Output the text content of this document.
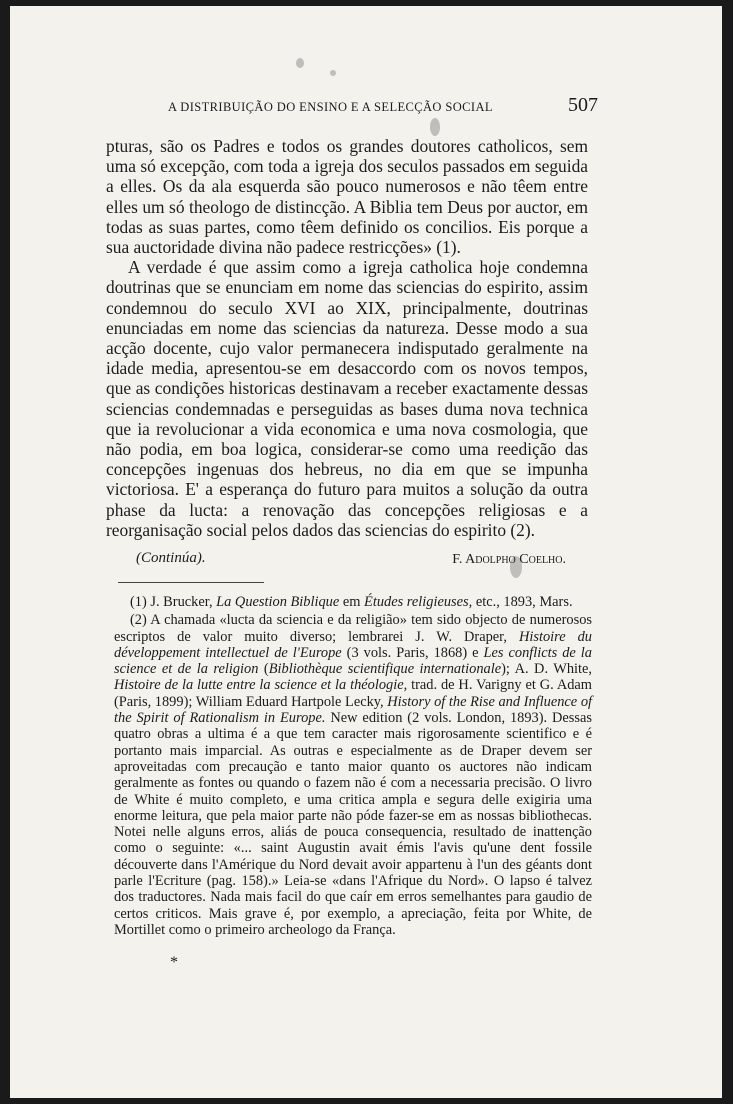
A DISTRIBUIÇÃO DO ENSINO E A SELECÇÃO SOCIAL	507

pturas, são os Padres e todos os grandes doutores catholicos, sem uma só excepção, com toda a igreja dos seculos passados em seguida a elles. Os da ala esquerda são pouco numerosos e não têem entre elles um só theologo de distincção. A Biblia tem Deus por auctor, em todas as suas partes, como têem definido os concilios. Eis porque a sua auctoridade divina não padece restricções» (1).

A verdade é que assim como a igreja catholica hoje condemna doutrinas que se enunciam em nome das sciencias do espirito, assim condemnou do seculo XVI ao XIX, principalmente, doutrinas enunciadas em nome das sciencias da natureza. Desse modo a sua acção docente, cujo valor permanecera indisputado geralmente na idade media, apresentou-se em desaccordo com os novos tempos, que as condições historicas destinavam a receber exactamente dessas sciencias condemnadas e perseguidas as bases duma nova technica que ia revolucionar a vida economica e uma nova cosmologia, que não podia, em boa logica, considerar-se como uma reedição das concepções ingenuas dos hebreus, no dia em que se impunha victoriosa. E' a esperança do futuro para muitos a solução da outra phase da lucta: a renovação das concepções religiosas e a reorganisação social pelos dados das sciencias do espirito (2).

(Continúa).	F. Adolpho Coelho.

(1) J. Brucker, La Question Biblique em Études religieuses, etc., 1893, Mars.

(2) A chamada «lucta da sciencia e da religião» tem sido objecto de numerosos escriptos de valor muito diverso; lembrarei J. W. Draper, Histoire du développement intellectuel de l'Europe (3 vols. Paris, 1868) e Les conflicts de la science et de la religion (Bibliothèque scientifique internationale); A. D. White, Histoire de la lutte entre la science et la théologie, trad. de H. Varigny et G. Adam (Paris, 1899); William Eduard Hartpole Lecky, History of the Rise and Influence of the Spirit of Rationalism in Europe. New edition (2 vols. London, 1893). Dessas quatro obras a ultima é a que tem caracter mais rigorosamente scientifico e é portanto mais imparcial. As outras e especialmente as de Draper devem ser aproveitadas com precaução e tanto maior quanto os auctores não indicam geralmente as fontes ou quando o fazem não é com a necessaria precisão. O livro de White é muito completo, e uma critica ampla e segura delle exigiria uma enorme leitura, que pela maior parte não póde fazer-se em as nossas bibliothecas. Notei nelle alguns erros, aliás de pouca consequencia, resultado de inattenção como o seguinte: «... saint Augustin avait émis l'avis qu'une dent fossile découverte dans l'Amérique du Nord devait avoir appartenu à l'un des géants dont parle l'Ecriture (pag. 158).» Leia-se «dans l'Afrique du Nord». O lapso é talvez dos traductores. Nada mais facil do que caír em erros semelhantes para gaudio de certos criticos. Mais grave é, por exemplo, a apreciação, feita por White, de Mortillet como o primeiro archeologo da França.

*
